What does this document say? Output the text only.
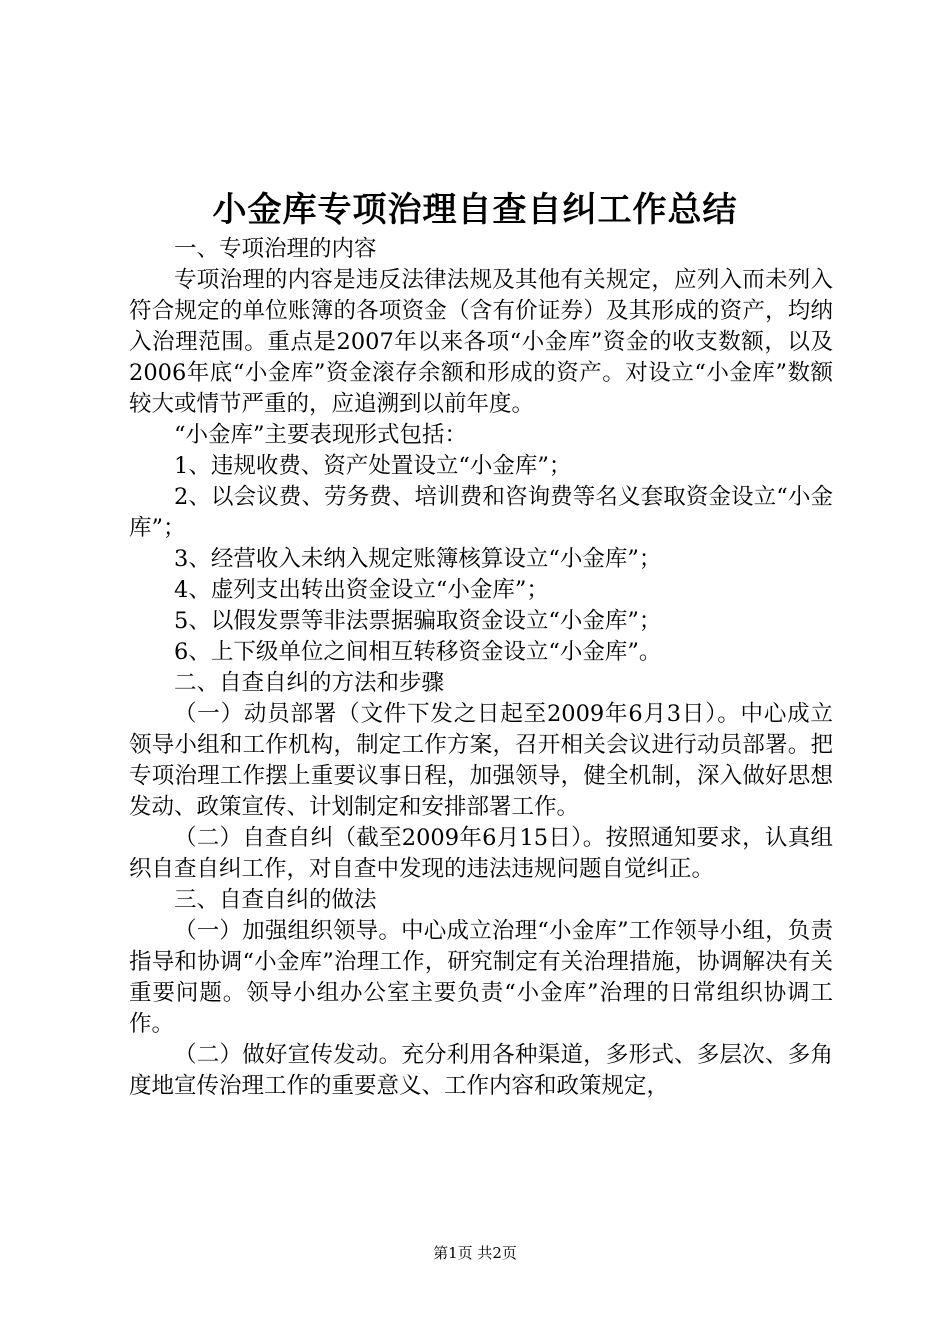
小金库专项治理自查自纠工作总结

一、专项治理的内容

专项治理的内容是违反法律法规及其他有关规定，应列入而未列入符合规定的单位账簿的各项资金（含有价证券）及其形成的资产，均纳入治理范围。重点是2007年以来各项“小金库”资金的收支数额，以及2006年底“小金库”资金滚存余额和形成的资产。对设立“小金库”数额较大或情节严重的，应追溯到以前年度。

“小金库”主要表现形式包括：

1、违规收费、资产处置设立“小金库”；

2、以会议费、劳务费、培训费和咨询费等名义套取资金设立“小金库”；

3、经营收入未纳入规定账簿核算设立“小金库”；

4、虚列支出转出资金设立“小金库”；

5、以假发票等非法票据骗取资金设立“小金库”；

6、上下级单位之间相互转移资金设立“小金库”。

二、自查自纠的方法和步骤

（一）动员部署（文件下发之日起至2009年6月3日）。中心成立领导小组和工作机构，制定工作方案，召开相关会议进行动员部署。把专项治理工作摆上重要议事日程，加强领导，健全机制，深入做好思想发动、政策宣传、计划制定和安排部署工作。

（二）自查自纠（截至2009年6月15日）。按照通知要求，认真组织自查自纠工作，对自查中发现的违法违规问题自觉纠正。

三、自查自纠的做法

（一）加强组织领导。中心成立治理“小金库”工作领导小组，负责指导和协调“小金库”治理工作，研究制定有关治理措施，协调解决有关重要问题。领导小组办公室主要负责“小金库”治理的日常组织协调工作。

（二）做好宣传发动。充分利用各种渠道，多形式、多层次、多角度地宣传治理工作的重要意义、工作内容和政策规定，

第1页 共2页
